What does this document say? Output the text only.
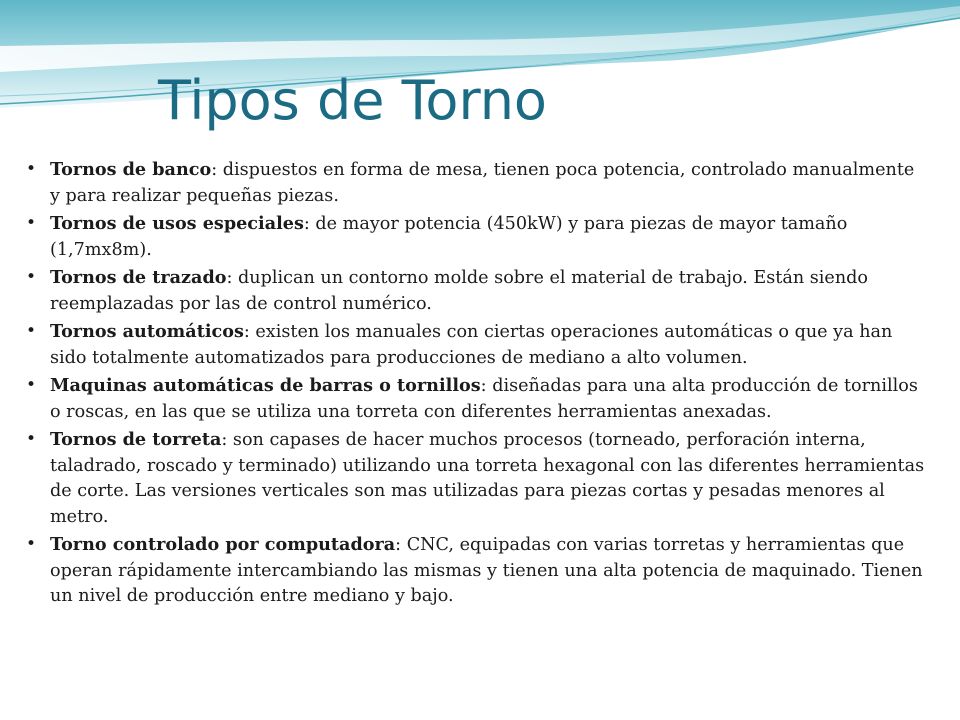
Tipos de Torno
• Tornos de banco: dispuestos en forma de mesa, tienen poca potencia, controlado manualmente y para realizar pequeñas piezas.
• Tornos de usos especiales: de mayor potencia (450kW) y para piezas de mayor tamaño (1,7mx8m).
• Tornos de trazado: duplican un contorno molde sobre el material de trabajo. Están siendo reemplazadas por las de control numérico.
• Tornos automáticos: existen los manuales con ciertas operaciones automáticas o que ya han sido totalmente automatizados para producciones de mediano a alto volumen.
• Maquinas automáticas de barras o tornillos: diseñadas para una alta producción de tornillos o roscas, en las que se utiliza una torreta con diferentes herramientas anexadas.
• Tornos de torreta: son capases de hacer muchos procesos (torneado, perforación interna, taladrado, roscado y terminado) utilizando una torreta hexagonal con las diferentes herramientas de corte. Las versiones verticales son mas utilizadas para piezas cortas y pesadas menores al metro.
• Torno controlado por computadora: CNC, equipadas con varias torretas y herramientas que operan rápidamente intercambiando las mismas y tienen una alta potencia de maquinado. Tienen un nivel de producción entre mediano y bajo.
